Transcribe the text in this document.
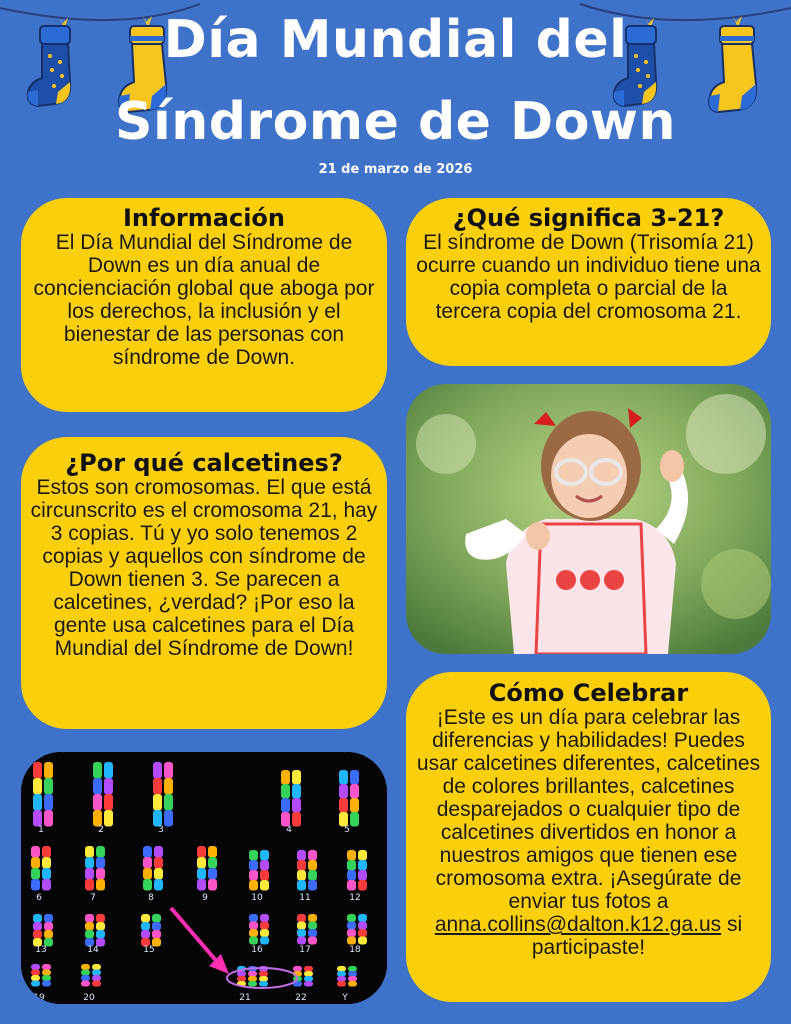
Día Mundial del
Síndrome de Down
21 de marzo de 2026
Información

El Día Mundial del Síndrome de Down es un día anual de concienciación global que aboga por los derechos, la inclusión y el bienestar de las personas con síndrome de Down.

¿Qué significa 3-21?

El síndrome de Down (Trisomía 21) ocurre cuando un individuo tiene una copia completa o parcial de la tercera copia del cromosoma 21.

¿Por qué calcetines?

Estos son cromosomas. El que está circunscrito es el cromosoma 21, hay 3 copias. Tú y yo solo tenemos 2 copias y aquellos con síndrome de Down tienen 3. Se parecen a calcetines, ¿verdad? ¡Por eso la gente usa calcetines para el Día Mundial del Síndrome de Down!

Cómo Celebrar

¡Este es un día para celebrar las diferencias y habilidades! Puedes usar calcetines diferentes, calcetines de colores brillantes, calcetines desparejados o cualquier tipo de calcetines divertidos en honor a nuestros amigos que tienen ese cromosoma extra. ¡Asegúrate de enviar tus fotos a anna.collins@dalton.k12.ga.us si participaste!

1	2	3	4	5
6	7	8	9	10	11	12
13	14	15	16	17	18
19	20	21	22	Y
